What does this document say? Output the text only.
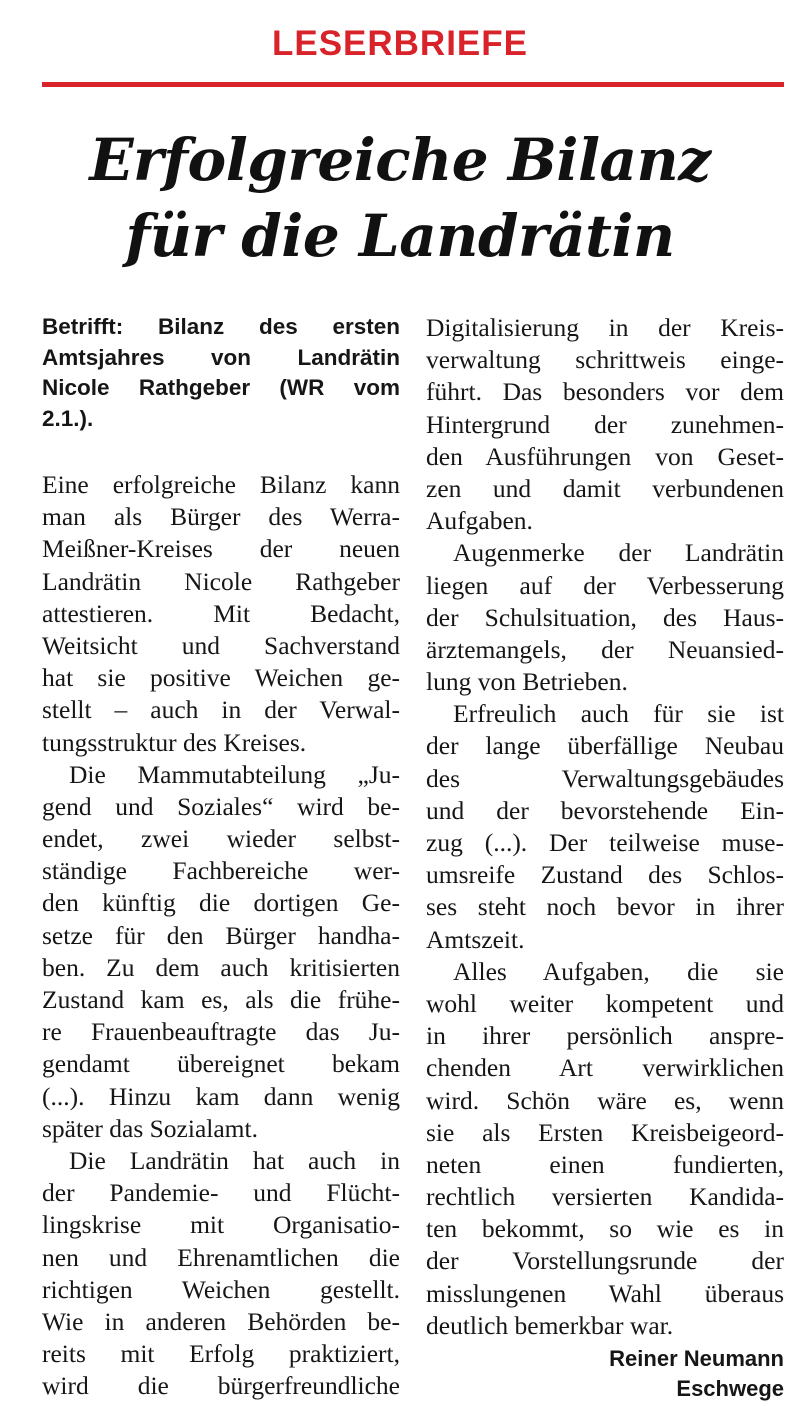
LESERBRIEFE
Erfolgreiche Bilanz
für die Landrätin
Betrifft: Bilanz des ersten
Amtsjahres von Landrätin
Nicole Rathgeber (WR vom
2.1.).
Eine erfolgreiche Bilanz kann
man als Bürger des Werra-
Meißner-Kreises der neuen
Landrätin Nicole Rathgeber
attestieren. Mit Bedacht,
Weitsicht und Sachverstand
hat sie positive Weichen ge-
stellt – auch in der Verwal-
tungsstruktur des Kreises.
Die Mammutabteilung „Ju-
gend und Soziales“ wird be-
endet, zwei wieder selbst-
ständige Fachbereiche wer-
den künftig die dortigen Ge-
setze für den Bürger handha-
ben. Zu dem auch kritisierten
Zustand kam es, als die frühe-
re Frauenbeauftragte das Ju-
gendamt übereignet bekam
(...). Hinzu kam dann wenig
später das Sozialamt.
Die Landrätin hat auch in
der Pandemie- und Flücht-
lingskrise mit Organisatio-
nen und Ehrenamtlichen die
richtigen Weichen gestellt.
Wie in anderen Behörden be-
reits mit Erfolg praktiziert,
wird die bürgerfreundliche
Digitalisierung in der Kreis-
verwaltung schrittweis einge-
führt. Das besonders vor dem
Hintergrund der zunehmen-
den Ausführungen von Geset-
zen und damit verbundenen
Aufgaben.
Augenmerke der Landrätin
liegen auf der Verbesserung
der Schulsituation, des Haus-
ärztemangels, der Neuansied-
lung von Betrieben.
Erfreulich auch für sie ist
der lange überfällige Neubau
des Verwaltungsgebäudes
und der bevorstehende Ein-
zug (...). Der teilweise muse-
umsreife Zustand des Schlos-
ses steht noch bevor in ihrer
Amtszeit.
Alles Aufgaben, die sie
wohl weiter kompetent und
in ihrer persönlich anspre-
chenden Art verwirklichen
wird. Schön wäre es, wenn
sie als Ersten Kreisbeigeord-
neten einen fundierten,
rechtlich versierten Kandida-
ten bekommt, so wie es in
der Vorstellungsrunde der
misslungenen Wahl überaus
deutlich bemerkbar war.
Reiner Neumann
Eschwege
